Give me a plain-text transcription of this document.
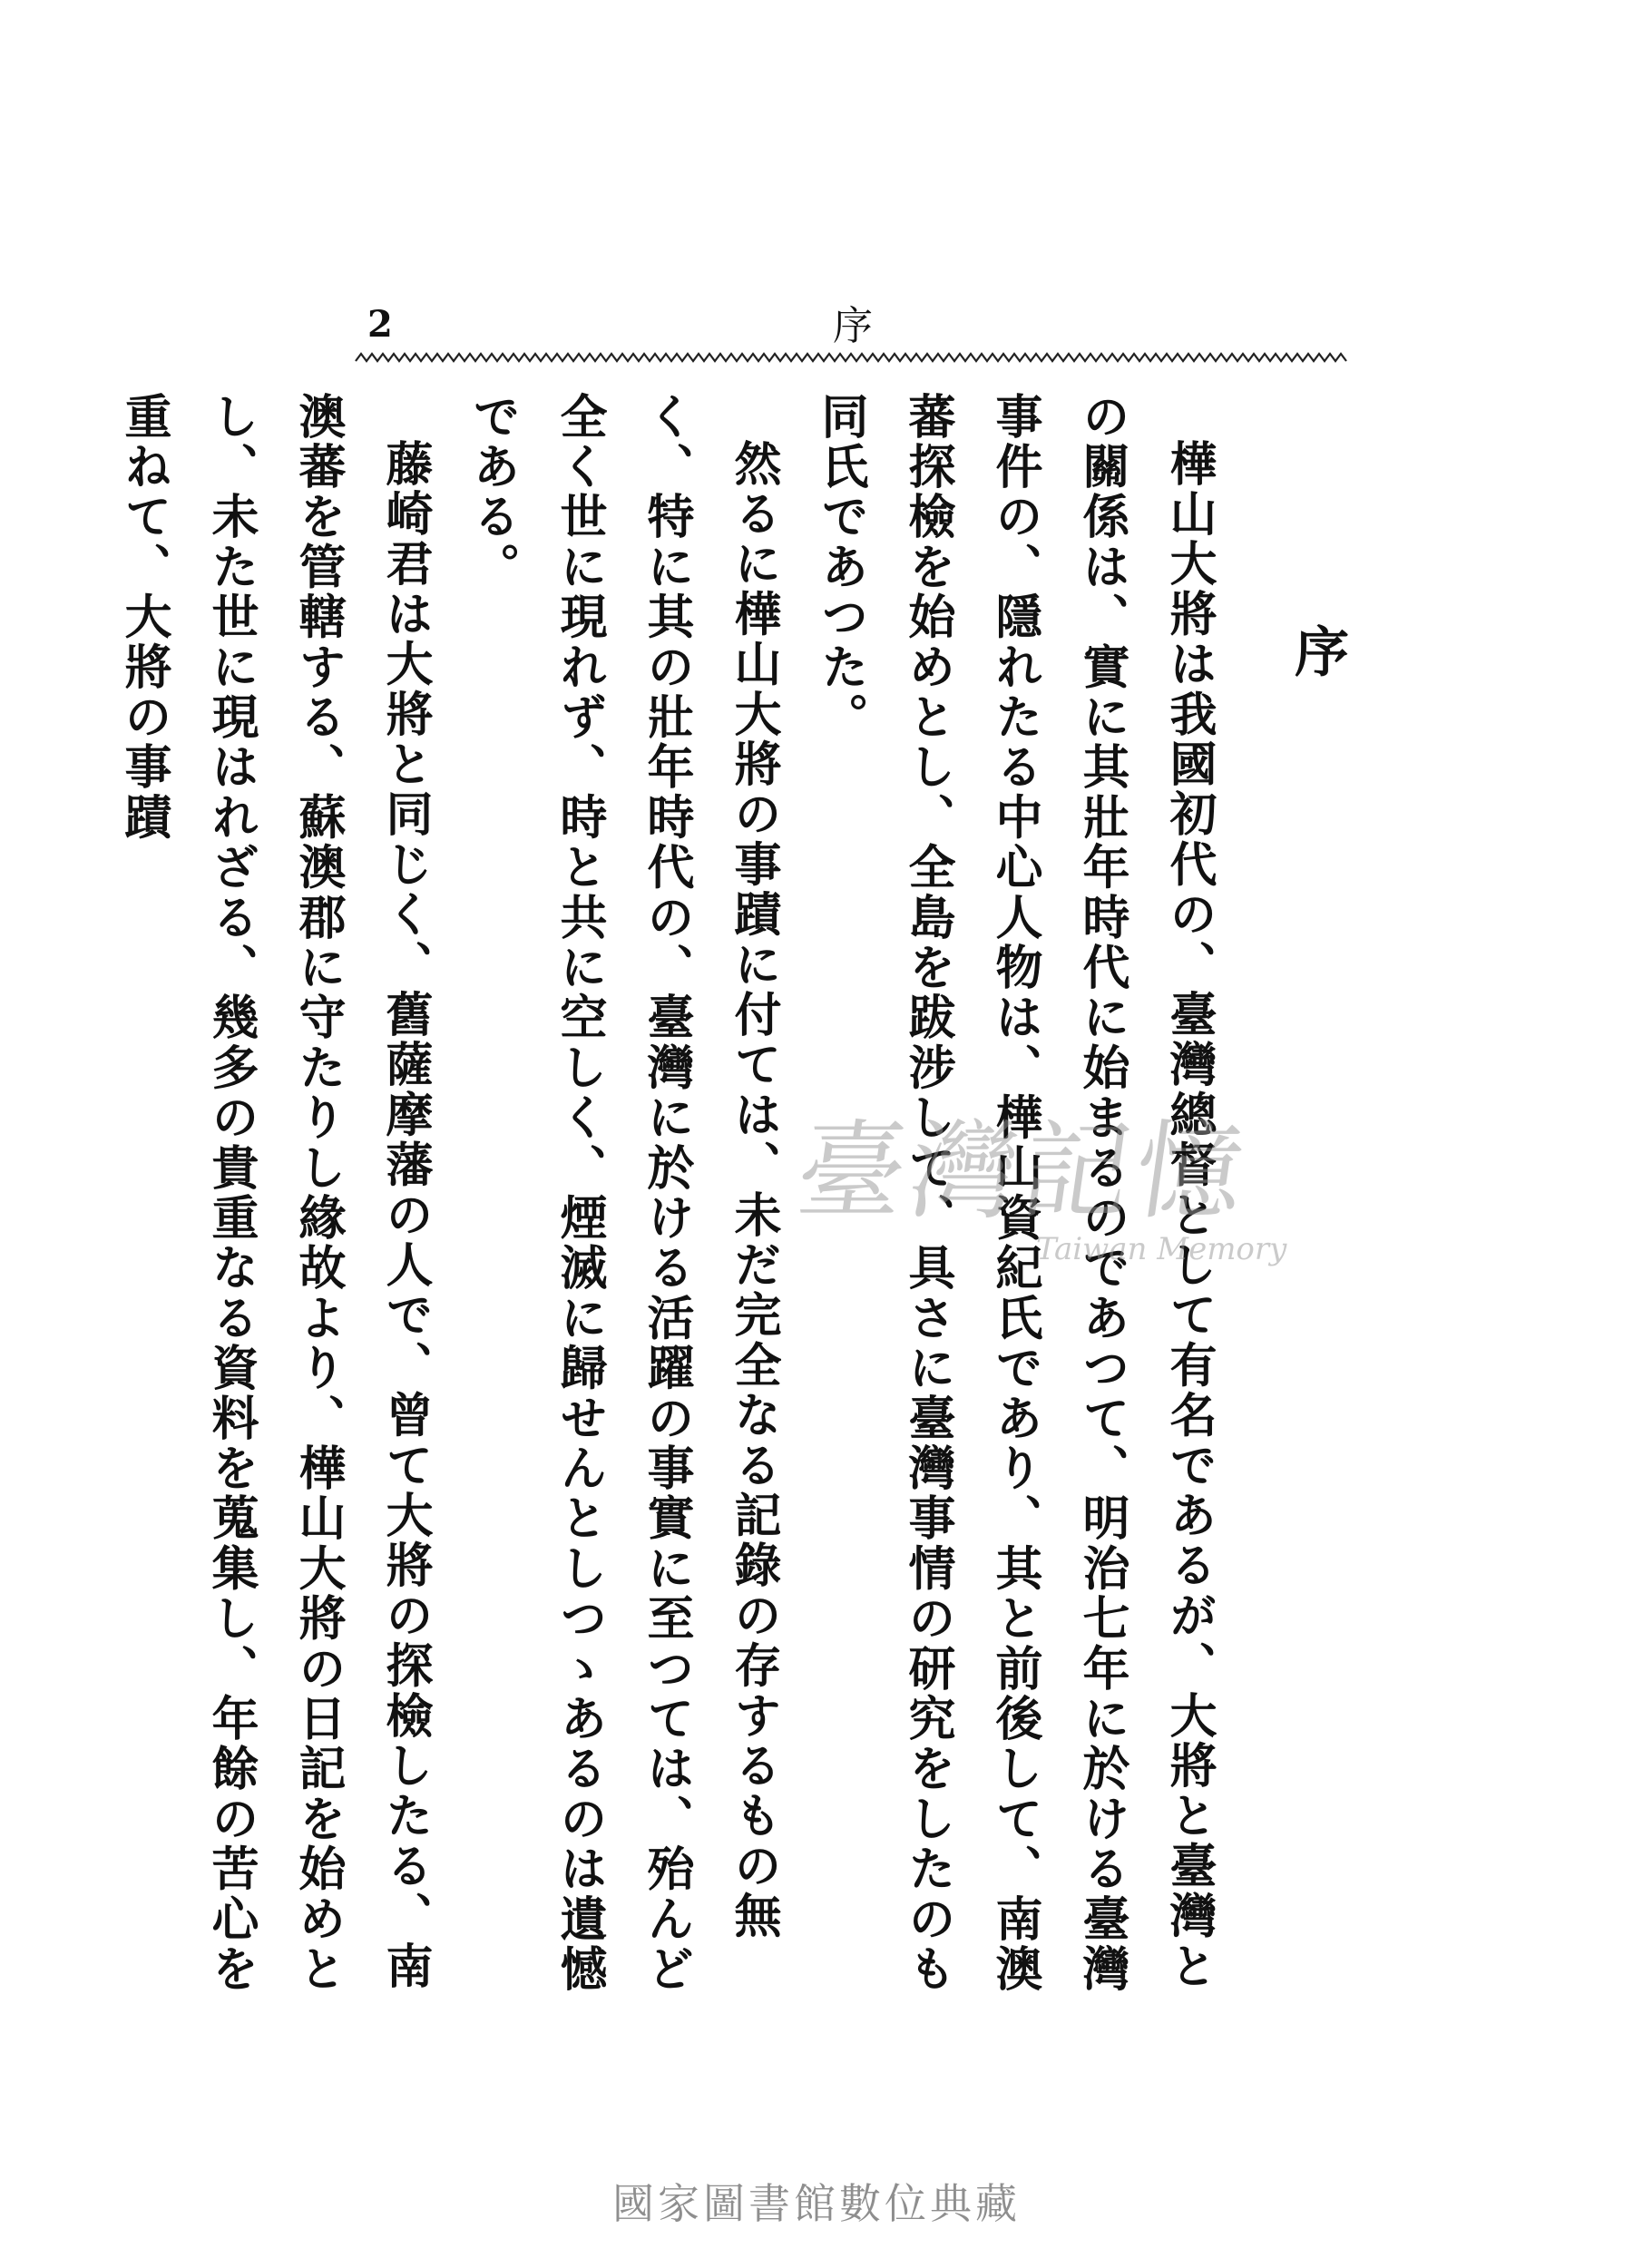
2	序
序

樺山大將は我國初代の、臺灣總督として有名であるが、大將と臺灣との關係は、實に其壯年時代に始まるのであつて、明治七年に於ける臺灣事件の、隱れたる中心人物は、樺山資紀氏であり、其と前後して、南澳蕃探檢を始めとし、全島を跋涉して、具さに臺灣事情の研究をしたのも同氏であつた。

然るに樺山大將の事蹟に付ては、未だ完全なる記錄の存するもの無く、特に其の壯年時代の、臺灣に於ける活躍の事實に至つては、殆んど全く世に現れず、時と共に空しく、煙滅に歸せんとしつゝあるのは遺憾である。

藤崎君は大將と同じく、舊薩摩藩の人で、曾て大將の探檢したる、南澳蕃を管轄する、蘇澳郡に守たりし緣故より、樺山大將の日記を始めとし、未た世に現はれざる、幾多の貴重なる資料を蒐集し、年餘の苦心を重ねて、大將の事蹟

臺灣記憶
Taiwan Memory
國家圖書館數位典藏
